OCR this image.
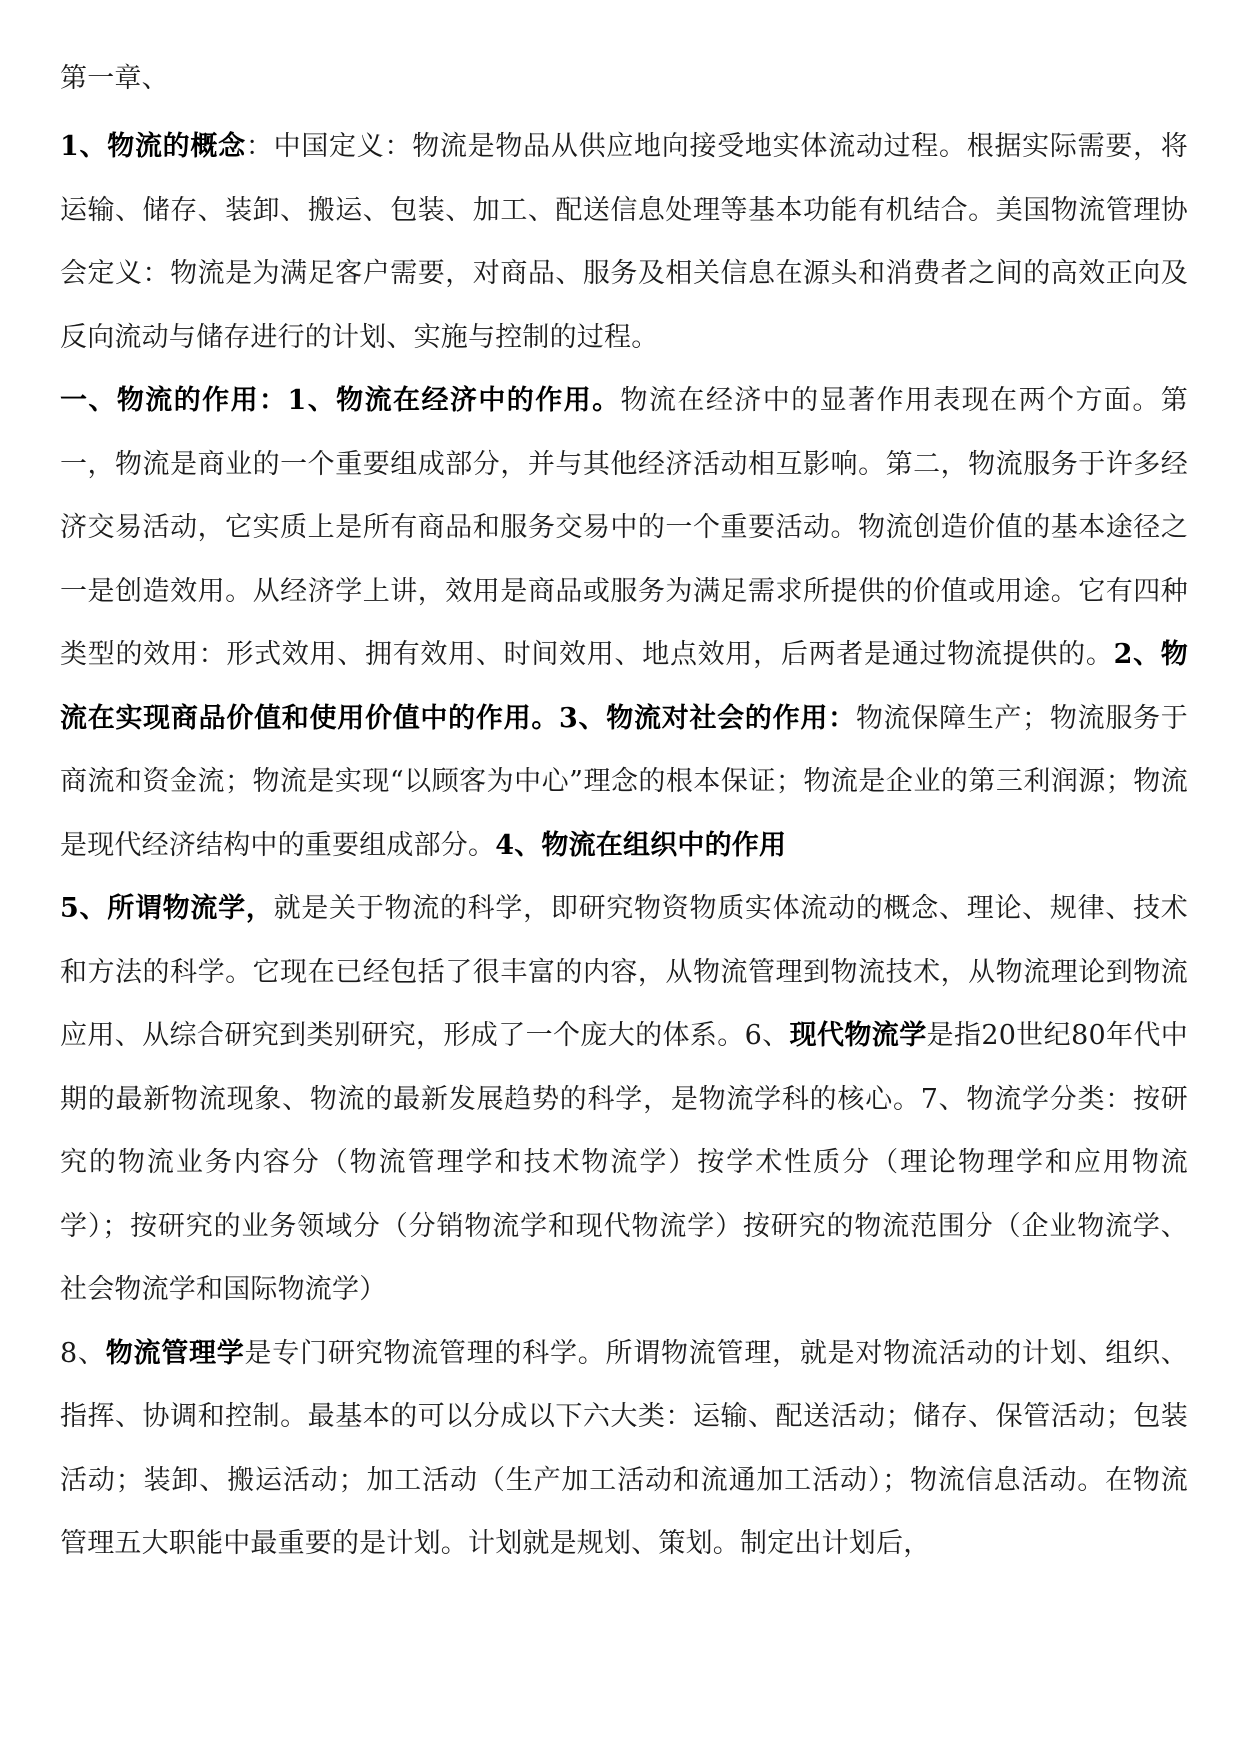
第一章、

1、物流的概念：中国定义：物流是物品从供应地向接受地实体流动过程。根据实际需要，将运输、储存、装卸、搬运、包装、加工、配送信息处理等基本功能有机结合。美国物流管理协会定义：物流是为满足客户需要，对商品、服务及相关信息在源头和消费者之间的高效正向及反向流动与储存进行的计划、实施与控制的过程。

一、物流的作用：1、物流在经济中的作用。物流在经济中的显著作用表现在两个方面。第一，物流是商业的一个重要组成部分，并与其他经济活动相互影响。第二，物流服务于许多经济交易活动，它实质上是所有商品和服务交易中的一个重要活动。物流创造价值的基本途径之一是创造效用。从经济学上讲，效用是商品或服务为满足需求所提供的价值或用途。它有四种类型的效用：形式效用、拥有效用、时间效用、地点效用，后两者是通过物流提供的。2、物流在实现商品价值和使用价值中的作用。3、物流对社会的作用：物流保障生产；物流服务于商流和资金流；物流是实现“以顾客为中心”理念的根本保证；物流是企业的第三利润源；物流是现代经济结构中的重要组成部分。4、物流在组织中的作用

5、所谓物流学，就是关于物流的科学，即研究物资物质实体流动的概念、理论、规律、技术和方法的科学。它现在已经包括了很丰富的内容，从物流管理到物流技术，从物流理论到物流应用、从综合研究到类别研究，形成了一个庞大的体系。6、现代物流学是指20世纪80年代中期的最新物流现象、物流的最新发展趋势的科学，是物流学科的核心。7、物流学分类：按研究的物流业务内容分（物流管理学和技术物流学）按学术性质分（理论物理学和应用物流学）；按研究的业务领域分（分销物流学和现代物流学）按研究的物流范围分（企业物流学、社会物流学和国际物流学）

8、物流管理学是专门研究物流管理的科学。所谓物流管理，就是对物流活动的计划、组织、指挥、协调和控制。最基本的可以分成以下六大类：运输、配送活动；储存、保管活动；包装活动；装卸、搬运活动；加工活动（生产加工活动和流通加工活动）；物流信息活动。在物流管理五大职能中最重要的是计划。计划就是规划、策划。制定出计划后，
